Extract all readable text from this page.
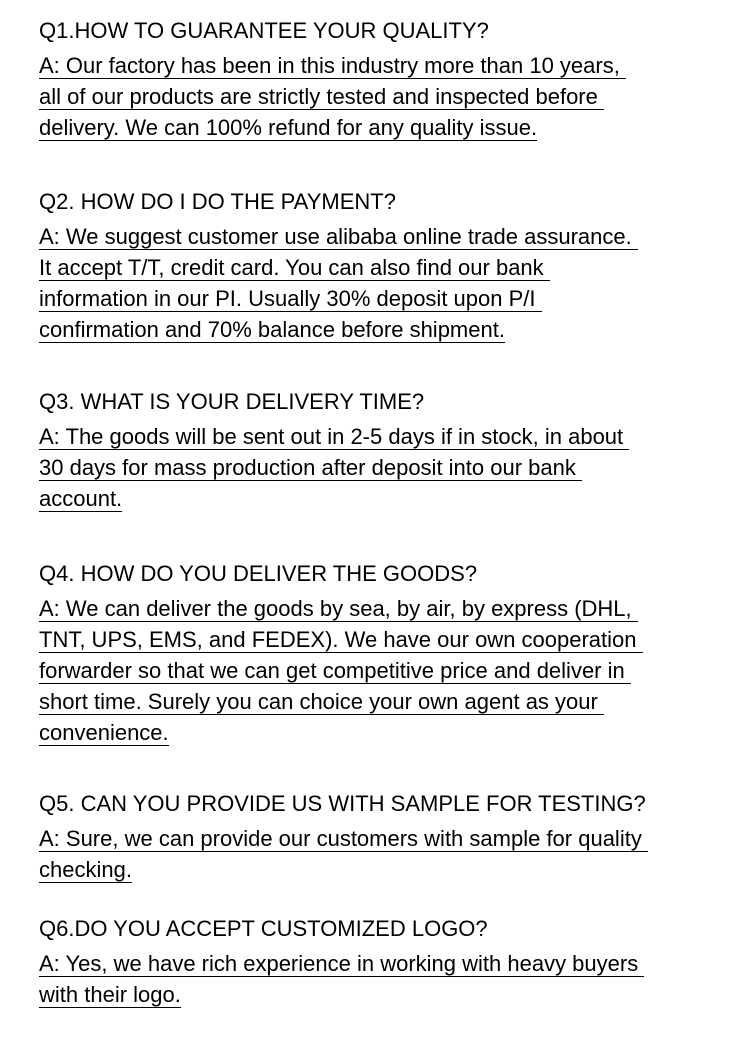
Q1.HOW TO GUARANTEE YOUR QUALITY?

A: Our factory has been in this industry more than 10 years,
all of our products are strictly tested and inspected before
delivery. We can 100% refund for any quality issue.

Q2. HOW DO I DO THE PAYMENT?

A: We suggest customer use alibaba online trade assurance.
It accept T/T, credit card. You can also find our bank
information in our PI. Usually 30% deposit upon P/I
confirmation and 70% balance before shipment.

Q3. WHAT IS YOUR DELIVERY TIME?

A: The goods will be sent out in 2-5 days if in stock, in about
30 days for mass production after deposit into our bank
account.

Q4. HOW DO YOU DELIVER THE GOODS?

A: We can deliver the goods by sea, by air, by express (DHL,
TNT, UPS, EMS, and FEDEX). We have our own cooperation
forwarder so that we can get competitive price and deliver in
short time. Surely you can choice your own agent as your
convenience.

Q5. CAN YOU PROVIDE US WITH SAMPLE FOR TESTING?

A: Sure, we can provide our customers with sample for quality
checking.

Q6.DO YOU ACCEPT CUSTOMIZED LOGO?

A: Yes, we have rich experience in working with heavy buyers
with their logo.
